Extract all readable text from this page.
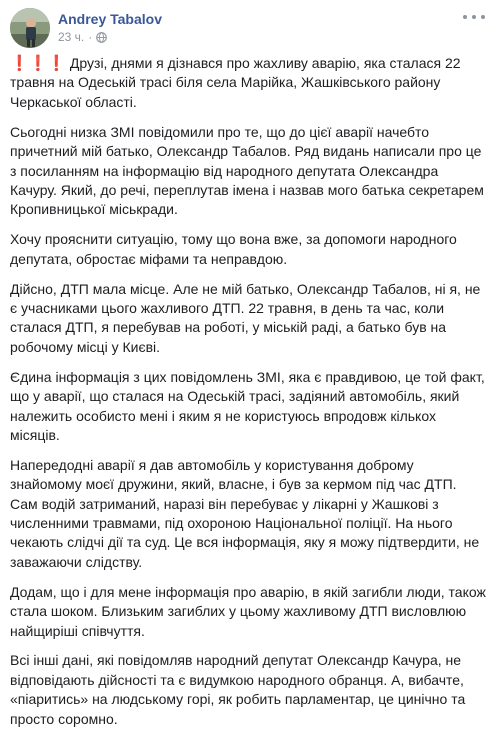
Andrey Tabalov
23 ч. ·

❗❗❗ Друзі, днями я дізнався про жахливу аварію, яка сталася 22 травня на Одеській трасі біля села Марійка, Жашківського району Черкаської області.

Сьогодні низка ЗМІ повідомили про те, що до цієї аварії начебто причетний мій батько, Олександр Табалов. Ряд видань написали про це з посиланням на інформацію від народного депутата Олександра Качуру. Який, до речі, переплутав імена і назвав мого батька секретарем Кропивницької міськради.

Хочу прояснити ситуацію, тому що вона вже, за допомоги народного депутата, обростає міфами та неправдою.

Дійсно, ДТП мала місце. Але не мій батько, Олександр Табалов, ні я, не є учасниками цього жахливого ДТП. 22 травня, в день та час, коли сталася ДТП, я перебував на роботі, у міській раді, а батько був на робочому місці у Києві.

Єдина інформація з цих повідомлень ЗМІ, яка є правдивою, це той факт, що у аварії, що сталася на Одеській трасі, задіяний автомобіль, який належить особисто мені і яким я не користуюсь впродовж кількох місяців.

Напередодні аварії я дав автомобіль у користування доброму знайомому моєї дружини, який, власне, і був за кермом під час ДТП. Сам водій затриманий, наразі він перебуває у лікарні у Жашкові з численними травмами, під охороною Національної поліції. На нього чекають слідчі дії та суд. Це вся інформація, яку я можу підтвердити, не заважаючи слідству.

Додам, що і для мене інформація про аварію, в якій загибли люди, також стала шоком. Близьким загиблих у цьому жахливому ДТП висловлюю найщиріші співчуття.

Всі інші дані, які повідомляв народний депутат Олександр Качура, не відповідають дійсності та є видумкою народного обранця. А, вибачте, «піаритись» на людському горі, як робить парламентар, це цинічно та просто соромно.
